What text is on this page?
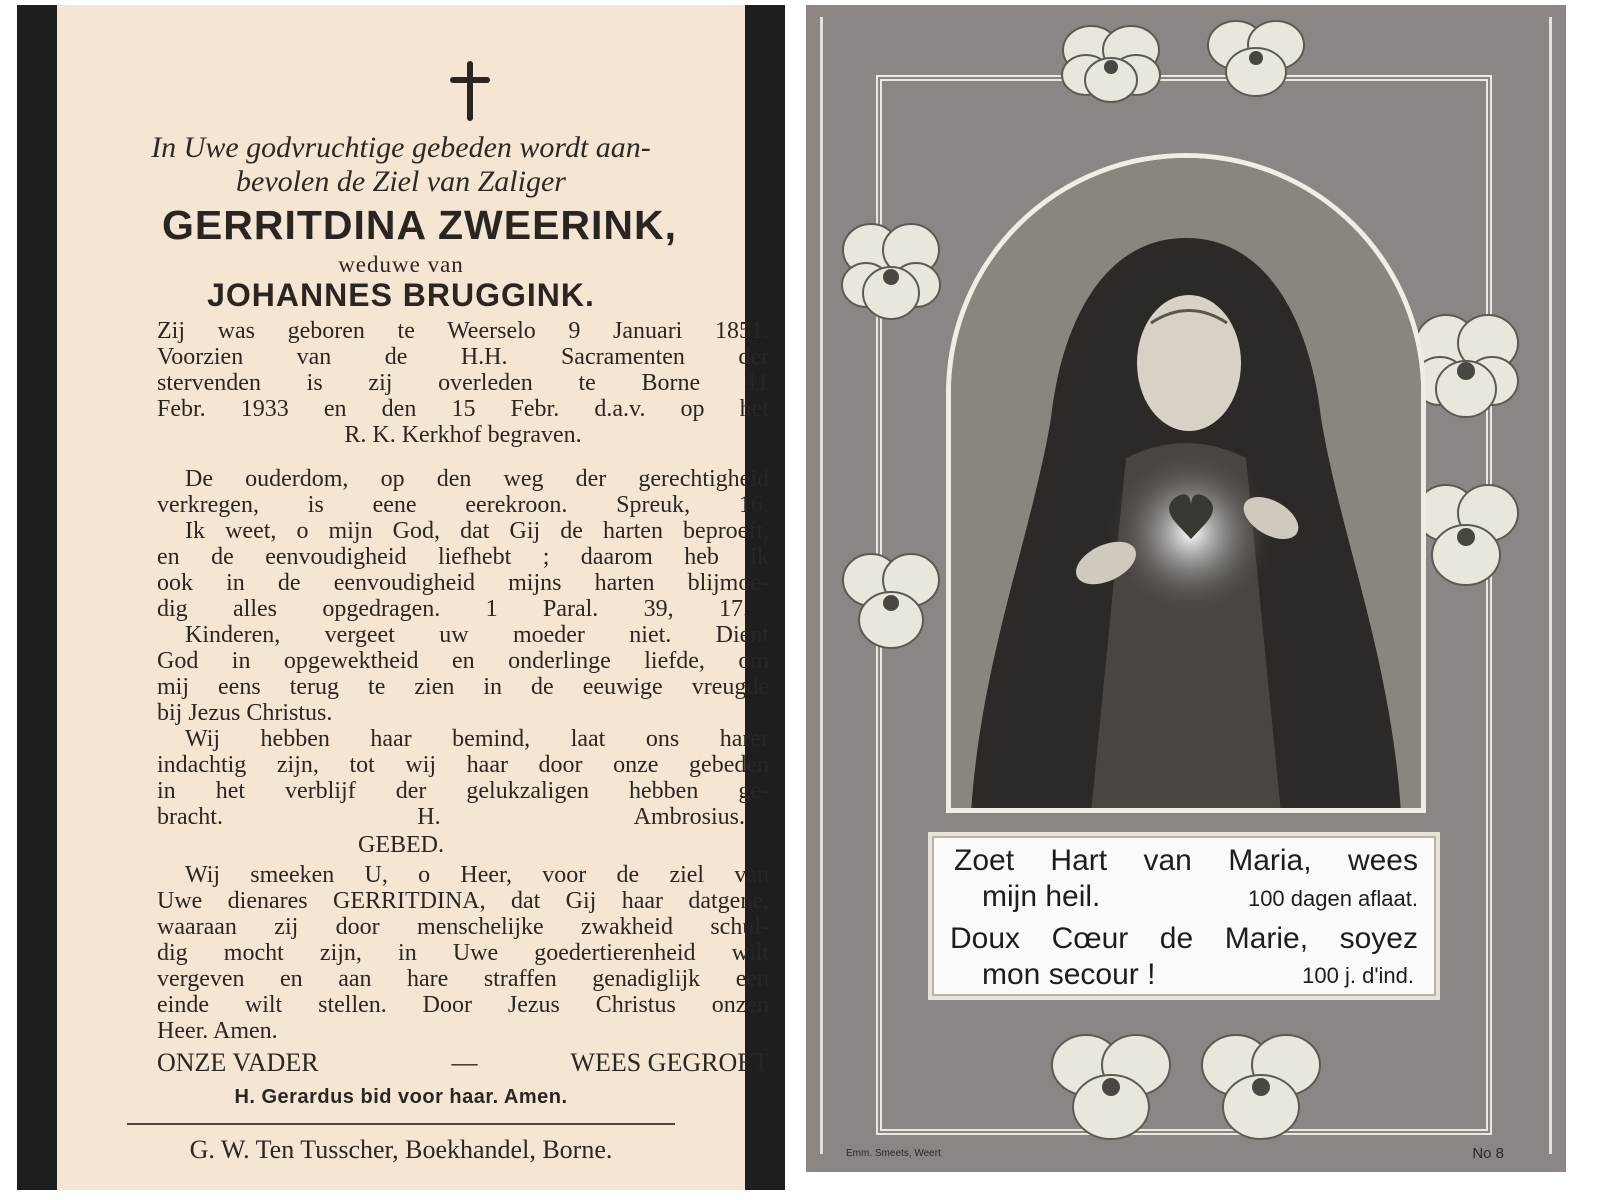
In Uwe godvruchtige gebeden wordt aan-
bevolen de Ziel van Zaliger
GERRITDINA ZWEERINK,
weduwe van
JOHANNES BRUGGINK.
Zij was geboren te Weerselo 9 Januari 1851.
Voorzien van de H.H. Sacramenten der
stervenden is zij overleden te Borne 11
Febr. 1933 en den 15 Febr. d.a.v. op het
R. K. Kerkhof begraven.
De ouderdom, op den weg der gerechtigheid
verkregen, is eene eerekroon. Spreuk, 16.
Ik weet, o mijn God, dat Gij de harten beproeft,
en de eenvoudigheid liefhebt ; daarom heb ik
ook in de eenvoudigheid mijns harten blijmoe-
dig alles opgedragen. 1 Paral. 39, 17.
Kinderen, vergeet uw moeder niet. Dient
God in opgewektheid en onderlinge liefde, om
mij eens terug te zien in de eeuwige vreugde
bij Jezus Christus.
Wij hebben haar bemind, laat ons harer
indachtig zijn, tot wij haar door onze gebeden
in het verblijf der gelukzaligen hebben ge-
bracht. H. Ambrosius.
GEBED.
Wij smeeken U, o Heer, voor de ziel van
Uwe dienares GERRITDINA, dat Gij haar datgene,
waaraan zij door menschelijke zwakheid schul-
dig mocht zijn, in Uwe goedertierenheid wilt
vergeven en aan hare straffen genadiglijk een
einde wilt stellen. Door Jezus Christus onzen
Heer. Amen.
ONZE VADER	—	WEES GEGROET
H. Gerardus bid voor haar. Amen.
G. W. Ten Tusscher, Boekhandel, Borne.
Zoet Hart van Maria, wees
mijn heil.	100 dagen aflaat.
Doux Cœur de Marie, soyez
mon secour !	100 j. d'ind.
Emm. Smeets, Weert	No 8
